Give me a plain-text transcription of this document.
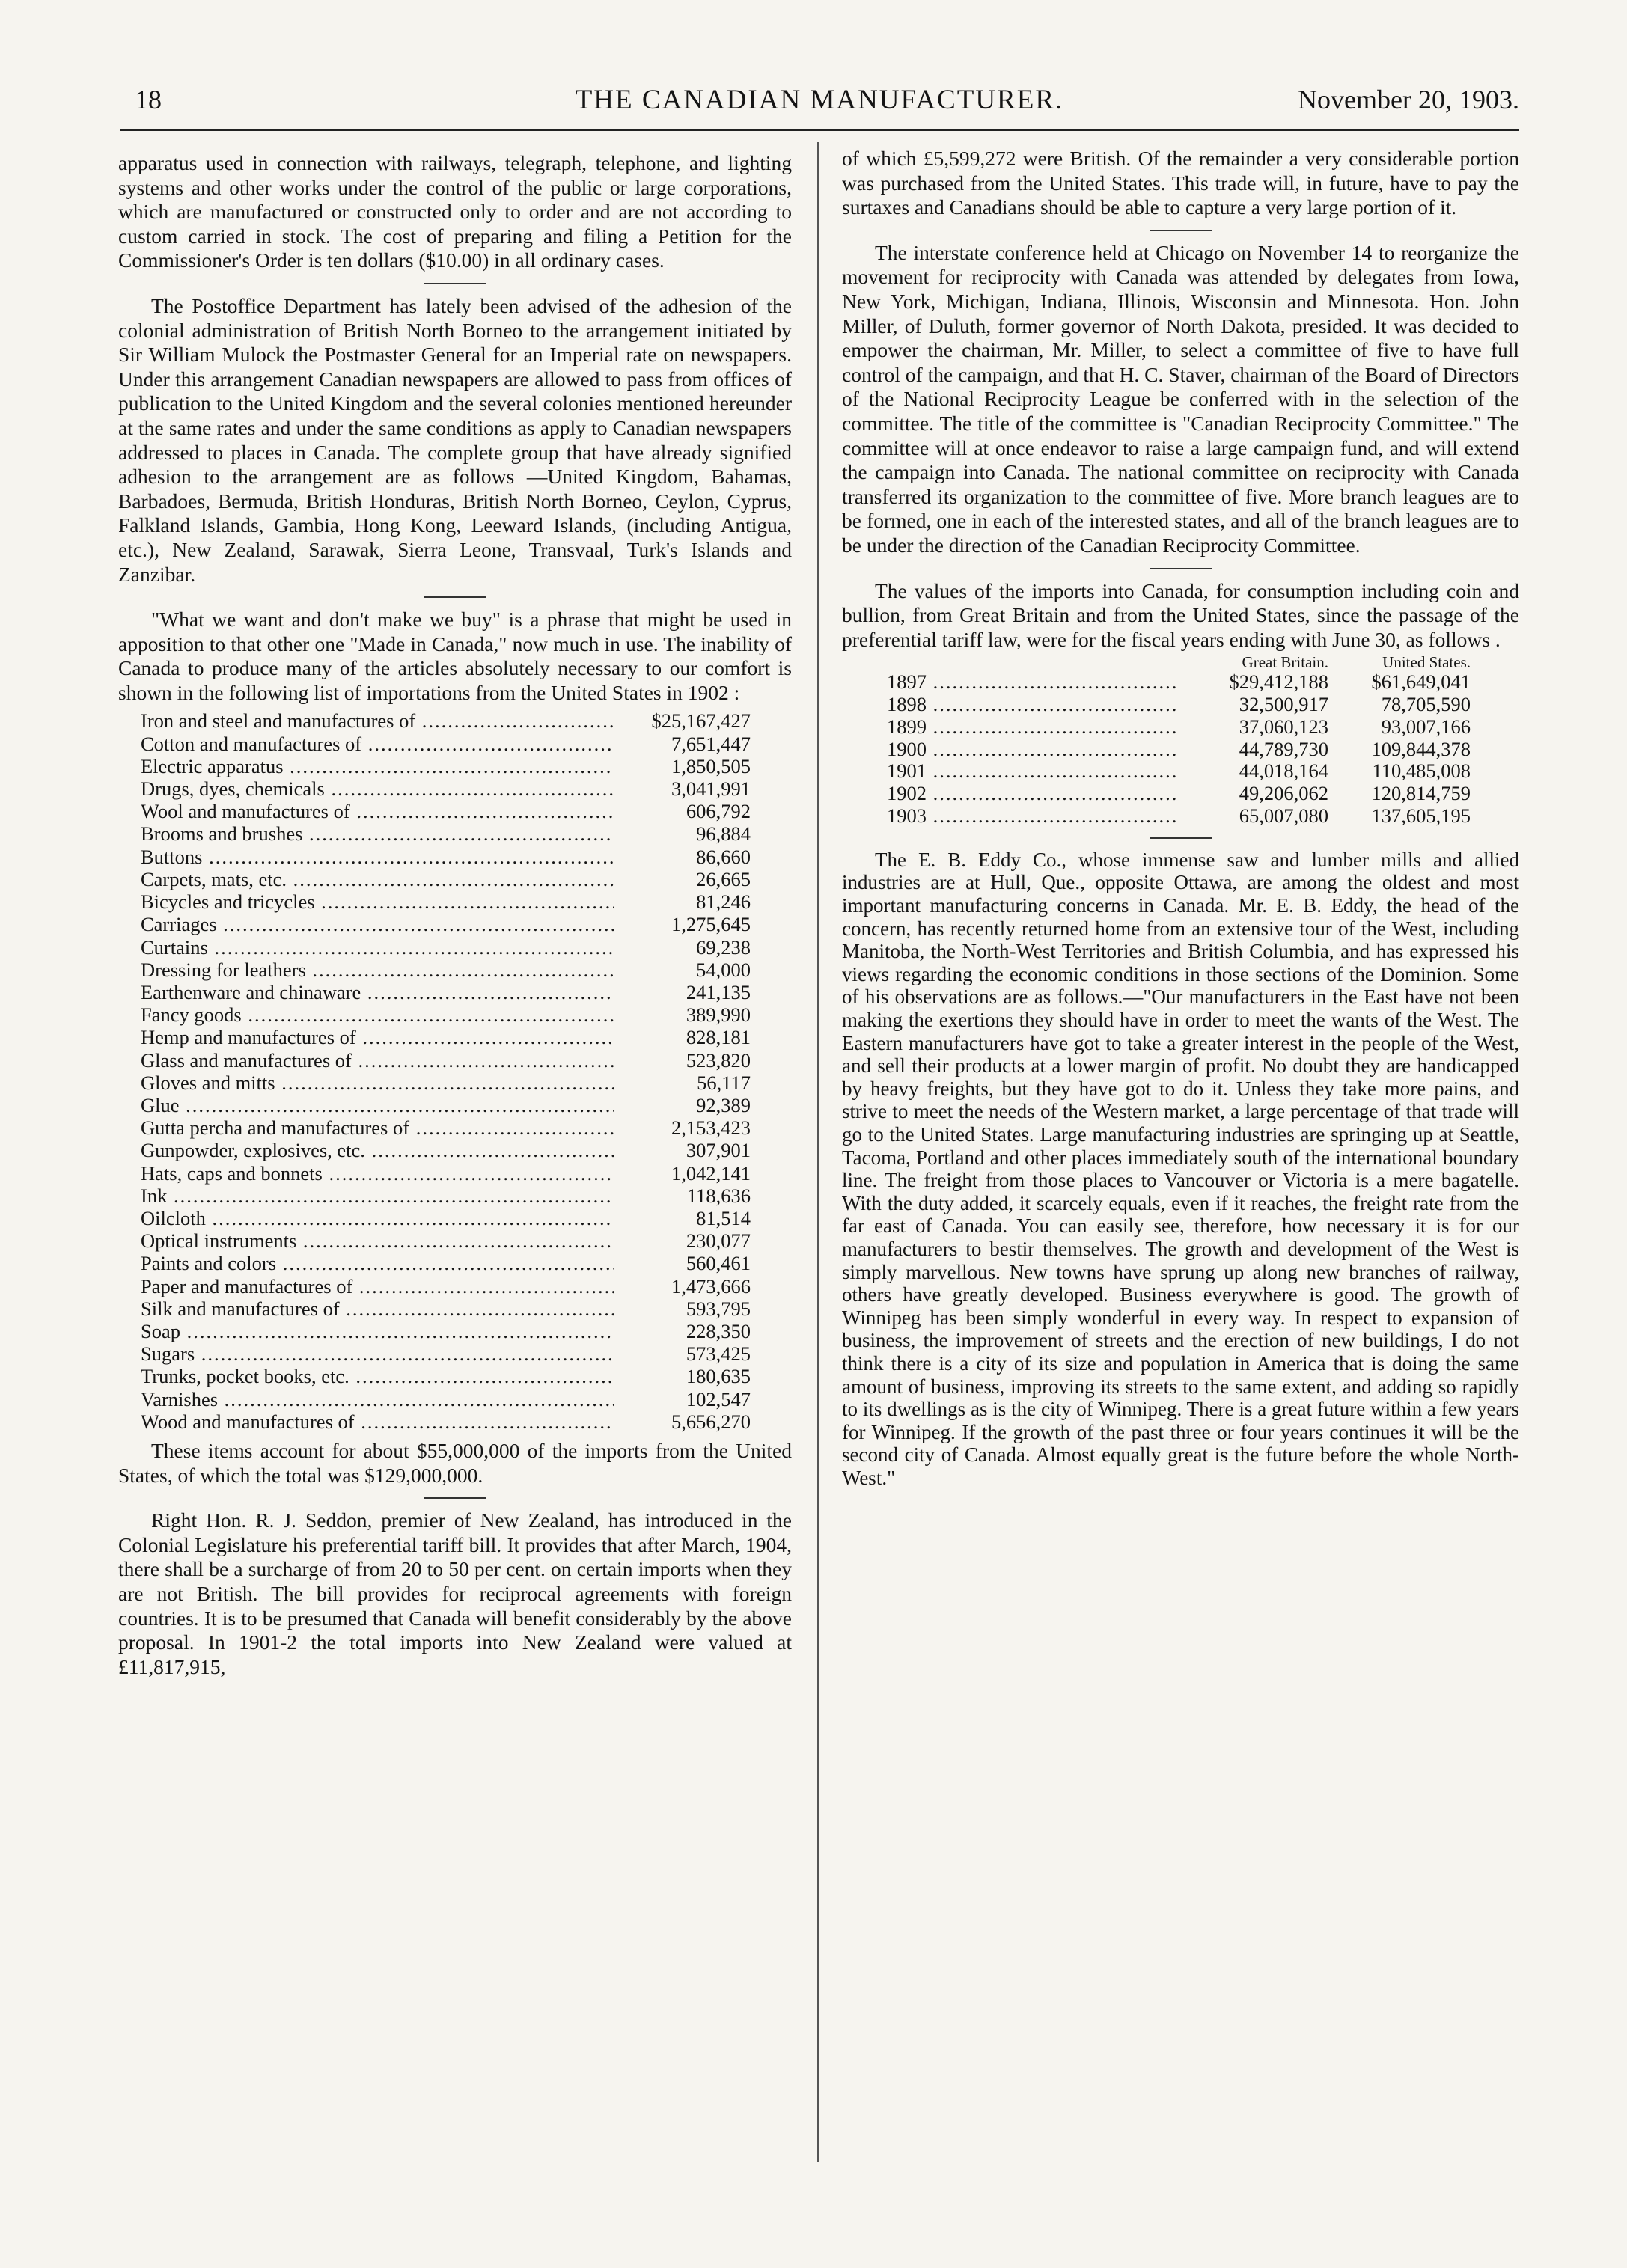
18	THE CANADIAN MANUFACTURER.	November 20, 1903.

apparatus used in connection with railways, telegraph, telephone, and lighting systems and other works under the control of the public or large corporations, which are manufactured or constructed only to order and are not according to custom carried in stock. The cost of preparing and filing a Petition for the Commissioner's Order is ten dollars ($10.00) in all ordinary cases.

The Postoffice Department has lately been advised of the adhesion of the colonial administration of British North Borneo to the arrangement initiated by Sir William Mulock the Postmaster General for an Imperial rate on newspapers. Under this arrangement Canadian newspapers are allowed to pass from offices of publication to the United Kingdom and the several colonies mentioned hereunder at the same rates and under the same conditions as apply to Canadian newspapers addressed to places in Canada. The complete group that have already signified adhesion to the arrangement are as follows —United Kingdom, Bahamas, Barbadoes, Bermuda, British Honduras, British North Borneo, Ceylon, Cyprus, Falkland Islands, Gambia, Hong Kong, Leeward Islands, (including Antigua, etc.), New Zealand, Sarawak, Sierra Leone, Transvaal, Turk's Islands and Zanzibar.

"What we want and don't make we buy" is a phrase that might be used in apposition to that other one "Made in Canada," now much in use. The inability of Canada to produce many of the articles absolutely necessary to our comfort is shown in the following list of importations from the United States in 1902 :

Iron and steel and manufactures of .....	$25,167,427
Cotton and manufactures of .....	7,651,447
Electric apparatus .....	1,850,505
Drugs, dyes, chemicals .....	3,041,991
Wool and manufactures of .....	606,792
Brooms and brushes .....	96,884
Buttons .....	86,660
Carpets, mats, etc. .....	26,665
Bicycles and tricycles .....	81,246
Carriages .....	1,275,645
Curtains .....	69,238
Dressing for leathers .....	54,000
Earthenware and chinaware .....	241,135
Fancy goods .....	389,990
Hemp and manufactures of .....	828,181
Glass and manufactures of .....	523,820
Gloves and mitts .....	56,117
Glue .....	92,389
Gutta percha and manufactures of .....	2,153,423
Gunpowder, explosives, etc. .....	307,901
Hats, caps and bonnets .....	1,042,141
Ink .....	118,636
Oilcloth .....	81,514
Optical instruments .....	230,077
Paints and colors .....	560,461
Paper and manufactures of .....	1,473,666
Silk and manufactures of .....	593,795
Soap .....	228,350
Sugars .....	573,425
Trunks, pocket books, etc. .....	180,635
Varnishes .....	102,547
Wood and manufactures of .....	5,656,270

These items account for about $55,000,000 of the imports from the United States, of which the total was $129,000,000.

Right Hon. R. J. Seddon, premier of New Zealand, has introduced in the Colonial Legislature his preferential tariff bill. It provides that after March, 1904, there shall be a surcharge of from 20 to 50 per cent. on certain imports when they are not British. The bill provides for reciprocal agreements with foreign countries. It is to be presumed that Canada will benefit considerably by the above proposal. In 1901-2 the total imports into New Zealand were valued at £11,817,915,

of which £5,599,272 were British. Of the remainder a very considerable portion was purchased from the United States. This trade will, in future, have to pay the surtaxes and Canadians should be able to capture a very large portion of it.

The interstate conference held at Chicago on November 14 to reorganize the movement for reciprocity with Canada was attended by delegates from Iowa, New York, Michigan, Indiana, Illinois, Wisconsin and Minnesota. Hon. John Miller, of Duluth, former governor of North Dakota, presided. It was decided to empower the chairman, Mr. Miller, to select a committee of five to have full control of the campaign, and that H. C. Staver, chairman of the Board of Directors of the National Reciprocity League be conferred with in the selection of the committee. The title of the committee is "Canadian Reciprocity Committee." The committee will at once endeavor to raise a large campaign fund, and will extend the campaign into Canada. The national committee on reciprocity with Canada transferred its organization to the committee of five. More branch leagues are to be formed, one in each of the interested states, and all of the branch leagues are to be under the direction of the Canadian Reciprocity Committee.

The values of the imports into Canada, for consumption including coin and bullion, from Great Britain and from the United States, since the passage of the preferential tariff law, were for the fiscal years ending with June 30, as follows .

Great Britain.	United States.
1897 .....	$29,412,188	$61,649,041
1898 .....	32,500,917	78,705,590
1899 .....	37,060,123	93,007,166
1900 .....	44,789,730	109,844,378
1901 .....	44,018,164	110,485,008
1902 .....	49,206,062	120,814,759
1903 .....	65,007,080	137,605,195

The E. B. Eddy Co., whose immense saw and lumber mills and allied industries are at Hull, Que., opposite Ottawa, are among the oldest and most important manufacturing concerns in Canada. Mr. E. B. Eddy, the head of the concern, has recently returned home from an extensive tour of the West, including Manitoba, the North-West Territories and British Columbia, and has expressed his views regarding the economic conditions in those sections of the Dominion. Some of his observations are as follows.—"Our manufacturers in the East have not been making the exertions they should have in order to meet the wants of the West. The Eastern manufacturers have got to take a greater interest in the people of the West, and sell their products at a lower margin of profit. No doubt they are handicapped by heavy freights, but they have got to do it. Unless they take more pains, and strive to meet the needs of the Western market, a large percentage of that trade will go to the United States. Large manufacturing industries are springing up at Seattle, Tacoma, Portland and other places immediately south of the international boundary line. The freight from those places to Vancouver or Victoria is a mere bagatelle. With the duty added, it scarcely equals, even if it reaches, the freight rate from the far east of Canada. You can easily see, therefore, how necessary it is for our manufacturers to bestir themselves. The growth and development of the West is simply marvellous. New towns have sprung up along new branches of railway, others have greatly developed. Business everywhere is good. The growth of Winnipeg has been simply wonderful in every way. In respect to expansion of business, the improvement of streets and the erection of new buildings, I do not think there is a city of its size and population in America that is doing the same amount of business, improving its streets to the same extent, and adding so rapidly to its dwellings as is the city of Winnipeg. There is a great future within a few years for Winnipeg. If the growth of the past three or four years continues it will be the second city of Canada. Almost equally great is the future before the whole North-West."
